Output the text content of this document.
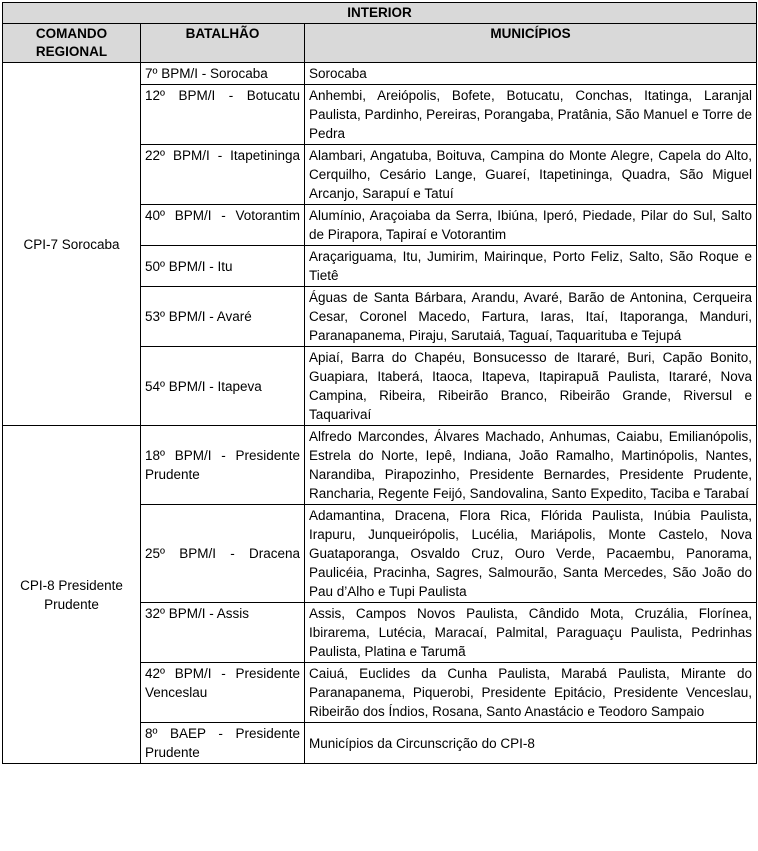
INTERIOR		
COMANDO REGIONAL	BATALHÃO	MUNICÍPIOS
CPI-7 Sorocaba	7º BPM/I - Sorocaba	Sorocaba
	12º BPM/I - Botucatu	Anhembi, Areiópolis, Bofete, Botucatu, Conchas, Itatinga, Laranjal Paulista, Pardinho, Pereiras, Porangaba, Pratânia, São Manuel e Torre de Pedra
	22º BPM/I - Itapetininga	Alambari, Angatuba, Boituva, Campina do Monte Alegre, Capela do Alto, Cerquilho, Cesário Lange, Guareí, Itapetininga, Quadra, São Miguel Arcanjo, Sarapuí e Tatuí
	40º BPM/I - Votorantim	Alumínio, Araçoiaba da Serra, Ibiúna, Iperó, Piedade, Pilar do Sul, Salto de Pirapora, Tapiraí e Votorantim
	50º BPM/I - Itu	Araçariguama, Itu, Jumirim, Mairinque, Porto Feliz, Salto, São Roque e Tietê
	53º BPM/I - Avaré	Águas de Santa Bárbara, Arandu, Avaré, Barão de Antonina, Cerqueira Cesar, Coronel Macedo, Fartura, Iaras, Itaí, Itaporanga, Manduri, Paranapanema, Piraju, Sarutaiá, Taguaí, Taquarituba e Tejupá
	54º BPM/I - Itapeva	Apiaí, Barra do Chapéu, Bonsucesso de Itararé, Buri, Capão Bonito, Guapiara, Itaberá, Itaoca, Itapeva, Itapirapuã Paulista, Itararé, Nova Campina, Ribeira, Ribeirão Branco, Ribeirão Grande, Riversul e Taquarivaí
CPI-8 Presidente Prudente	18º BPM/I - Presidente Prudente	Alfredo Marcondes, Álvares Machado, Anhumas, Caiabu, Emilianópolis, Estrela do Norte, Iepê, Indiana, João Ramalho, Martinópolis, Nantes, Narandiba, Pirapozinho, Presidente Bernardes, Presidente Prudente, Rancharia, Regente Feijó, Sandovalina, Santo Expedito, Taciba e Tarabaí
	25º BPM/I - Dracena	Adamantina, Dracena, Flora Rica, Flórida Paulista, Inúbia Paulista, Irapuru, Junqueirópolis, Lucélia, Mariápolis, Monte Castelo, Nova Guataporanga, Osvaldo Cruz, Ouro Verde, Pacaembu, Panorama, Paulicéia, Pracinha, Sagres, Salmourão, Santa Mercedes, São João do Pau d’Alho e Tupi Paulista
	32º BPM/I - Assis	Assis, Campos Novos Paulista, Cândido Mota, Cruzália, Florínea, Ibirarema, Lutécia, Maracaí, Palmital, Paraguaçu Paulista, Pedrinhas Paulista, Platina e Tarumã
	42º BPM/I - Presidente Venceslau	Caiuá, Euclides da Cunha Paulista, Marabá Paulista, Mirante do Paranapanema, Piquerobi, Presidente Epitácio, Presidente Venceslau, Ribeirão dos Índios, Rosana, Santo Anastácio e Teodoro Sampaio
	8º BAEP - Presidente Prudente	Municípios da Circunscrição do CPI-8
